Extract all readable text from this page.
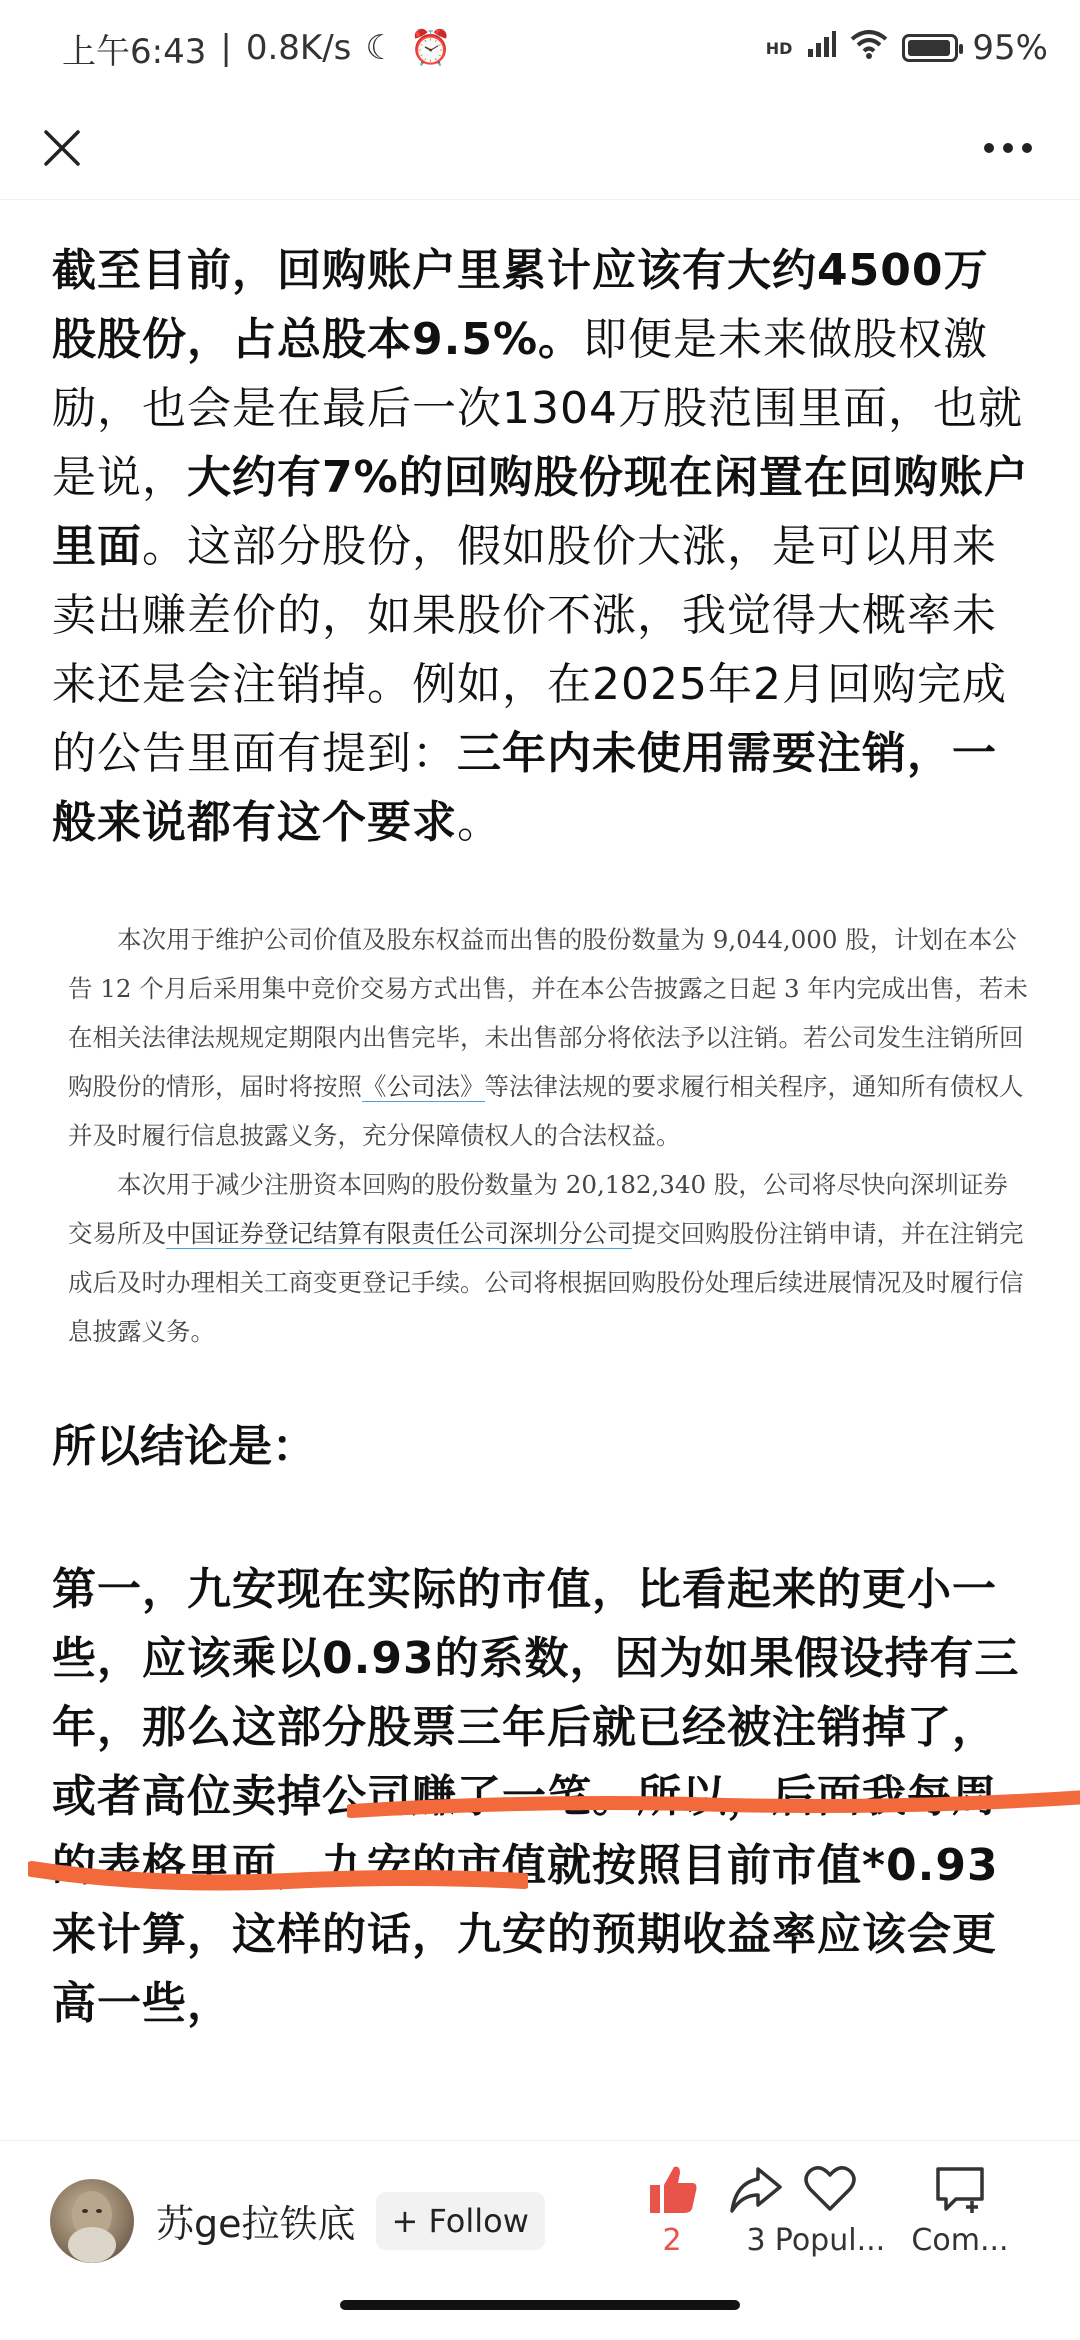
上午6:43 | 0.8K/s ☾ ⏰	HD	95%

截至目前，回购账户里累计应该有大约4500万股股份，占总股本9.5%。即便是未来做股权激励，也会是在最后一次1304万股范围里面，也就是说，大约有7%的回购股份现在闲置在回购账户里面。这部分股份，假如股价大涨，是可以用来卖出赚差价的，如果股价不涨，我觉得大概率未来还是会注销掉。例如，在2025年2月回购完成的公告里面有提到：三年内未使用需要注销，一般来说都有这个要求。

本次用于维护公司价值及股东权益而出售的股份数量为 9,044,000 股，计划在本公告 12 个月后采用集中竞价交易方式出售，并在本公告披露之日起 3 年内完成出售，若未在相关法律法规规定期限内出售完毕，未出售部分将依法予以注销。若公司发生注销所回购股份的情形，届时将按照《公司法》等法律法规的要求履行相关程序，通知所有债权人并及时履行信息披露义务，充分保障债权人的合法权益。

本次用于减少注册资本回购的股份数量为 20,182,340 股，公司将尽快向深圳证券交易所及中国证券登记结算有限责任公司深圳分公司提交回购股份注销申请，并在注销完成后及时办理相关工商变更登记手续。公司将根据回购股份处理后续进展情况及时履行信息披露义务。

所以结论是：

第一，九安现在实际的市值，比看起来的更小一些，应该乘以0.93的系数，因为如果假设持有三年，那么这部分股票三年后就已经被注销掉了，或者高位卖掉公司赚了一笔。所以，后面我每周的表格里面，九安的市值就按照目前市值*0.93来计算，这样的话，九安的预期收益率应该会更高一些，
苏ge拉铁底	+ Follow
2 3 Popul... Com...
